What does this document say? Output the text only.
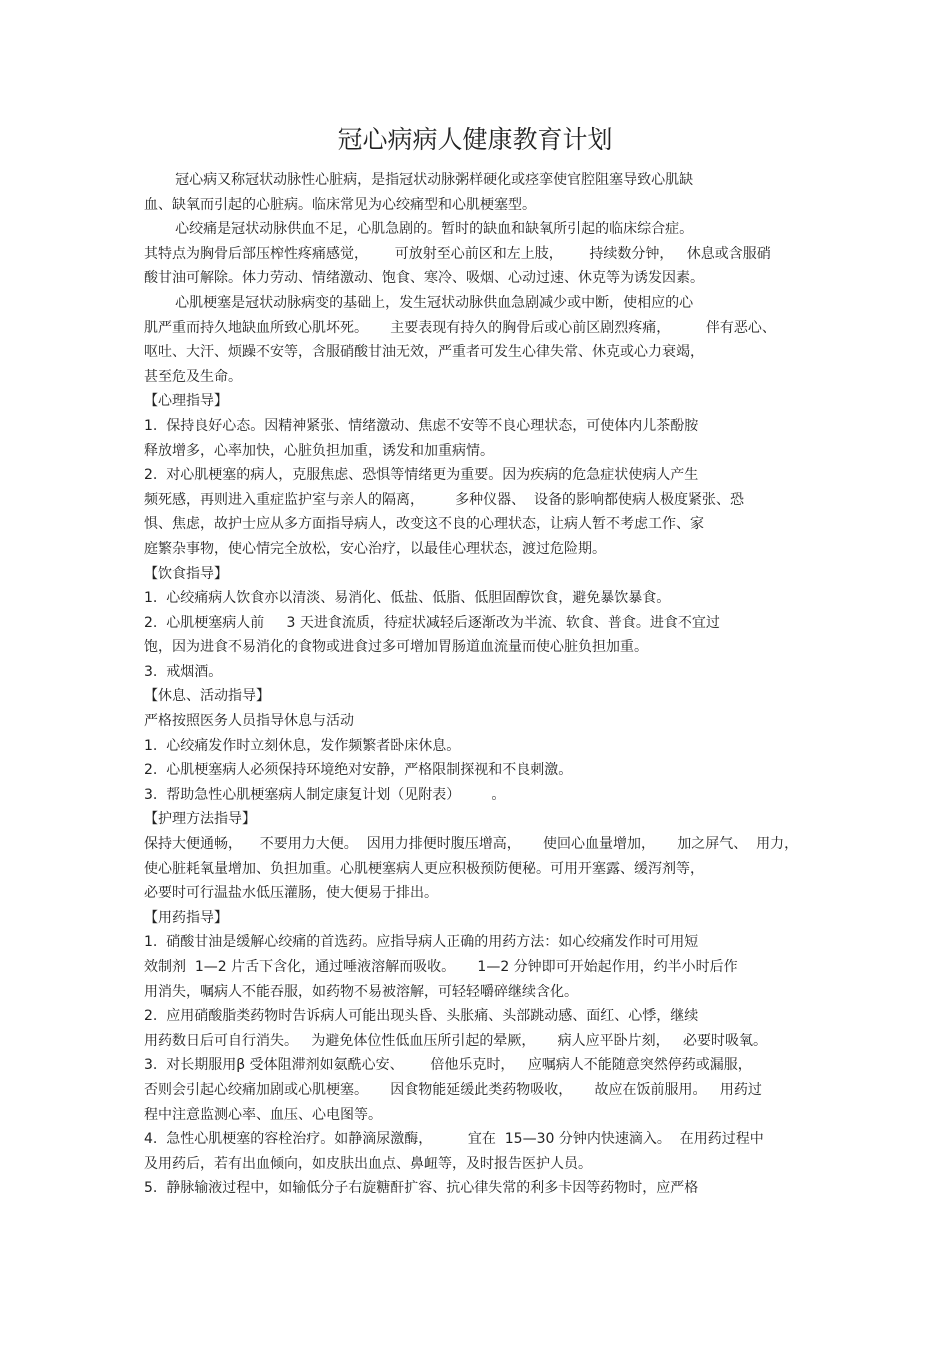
冠心病病人健康教育计划
冠心病又称冠状动脉性心脏病，是指冠状动脉粥样硬化或痉挛使官腔阻塞导致心肌缺
血、缺氧而引起的心脏病。临床常见为心绞痛型和心肌梗塞型。
心绞痛是冠状动脉供血不足，心肌急剧的。暂时的缺血和缺氧所引起的临床综合症。
其特点为胸骨后部压榨性疼痛感觉，      可放射至心前区和左上肢，      持续数分钟，   休息或含服硝
酸甘油可解除。体力劳动、情绪激动、饱食、寒冷、吸烟、心动过速、休克等为诱发因素。
心肌梗塞是冠状动脉病变的基础上，发生冠状动脉供血急剧减少或中断，使相应的心
肌严重而持久地缺血所致心肌坏死。     主要表现有持久的胸骨后或心前区剧烈疼痛，        伴有恶心、
呕吐、大汗、烦躁不安等，含服硝酸甘油无效，严重者可发生心律失常、休克或心力衰竭，
甚至危及生命。
【心理指导】
1.  保持良好心态。因精神紧张、情绪激动、焦虑不安等不良心理状态，可使体内儿茶酚胺
释放增多，心率加快，心脏负担加重，诱发和加重病情。
2.  对心肌梗塞的病人，克服焦虑、恐惧等情绪更为重要。因为疾病的危急症状使病人产生
频死感，再则进入重症监护室与亲人的隔离，       多种仪器、  设备的影响都使病人极度紧张、恐
惧、焦虑，故护士应从多方面指导病人，改变这不良的心理状态，让病人暂不考虑工作、家
庭繁杂事物，使心情完全放松，安心治疗，以最佳心理状态，渡过危险期。
【饮食指导】
1.  心绞痛病人饮食亦以清淡、易消化、低盐、低脂、低胆固醇饮食，避免暴饮暴食。
2.  心肌梗塞病人前     3 天进食流质，待症状减轻后逐渐改为半流、软食、普食。进食不宜过
饱，因为进食不易消化的食物或进食过多可增加胃肠道血流量而使心脏负担加重。
3.  戒烟酒。
【休息、活动指导】
严格按照医务人员指导休息与活动
1.  心绞痛发作时立刻休息，发作频繁者卧床休息。
2.  心肌梗塞病人必须保持环境绝对安静，严格限制探视和不良刺激。
3.  帮助急性心肌梗塞病人制定康复计划（见附表）       。
【护理方法指导】
保持大便通畅，    不要用力大便。  因用力排便时腹压增高，     使回心血量增加，     加之屏气、  用力，
使心脏耗氧量增加、负担加重。心肌梗塞病人更应积极预防便秘。可用开塞露、缓泻剂等，
必要时可行温盐水低压灌肠，使大便易于排出。
【用药指导】
1.  硝酸甘油是缓解心绞痛的首选药。应指导病人正确的用药方法：如心绞痛发作时可用短
效制剂  1—2 片舌下含化，通过唾液溶解而吸收。     1—2 分钟即可开始起作用，约半小时后作
用消失，嘱病人不能吞服，如药物不易被溶解，可轻轻嚼碎继续含化。
2.  应用硝酸脂类药物时告诉病人可能出现头昏、头胀痛、头部跳动感、面红、心悸，继续
用药数日后可自行消失。   为避免体位性低血压所引起的晕厥，     病人应平卧片刻，   必要时吸氧。
3.  对长期服用β 受体阻滞剂如氨酰心安、      倍他乐克时，   应嘱病人不能随意突然停药或漏服，
否则会引起心绞痛加剧或心肌梗塞。     因食物能延缓此类药物吸收，     故应在饭前服用。   用药过
程中注意监测心率、血压、心电图等。
4.  急性心肌梗塞的容栓治疗。如静滴尿激酶，        宜在  15—30 分钟内快速滴入。  在用药过程中
及用药后，若有出血倾向，如皮肤出血点、鼻衄等，及时报告医护人员。
5.  静脉输液过程中，如输低分子右旋糖酐扩容、抗心律失常的利多卡因等药物时，应严格
